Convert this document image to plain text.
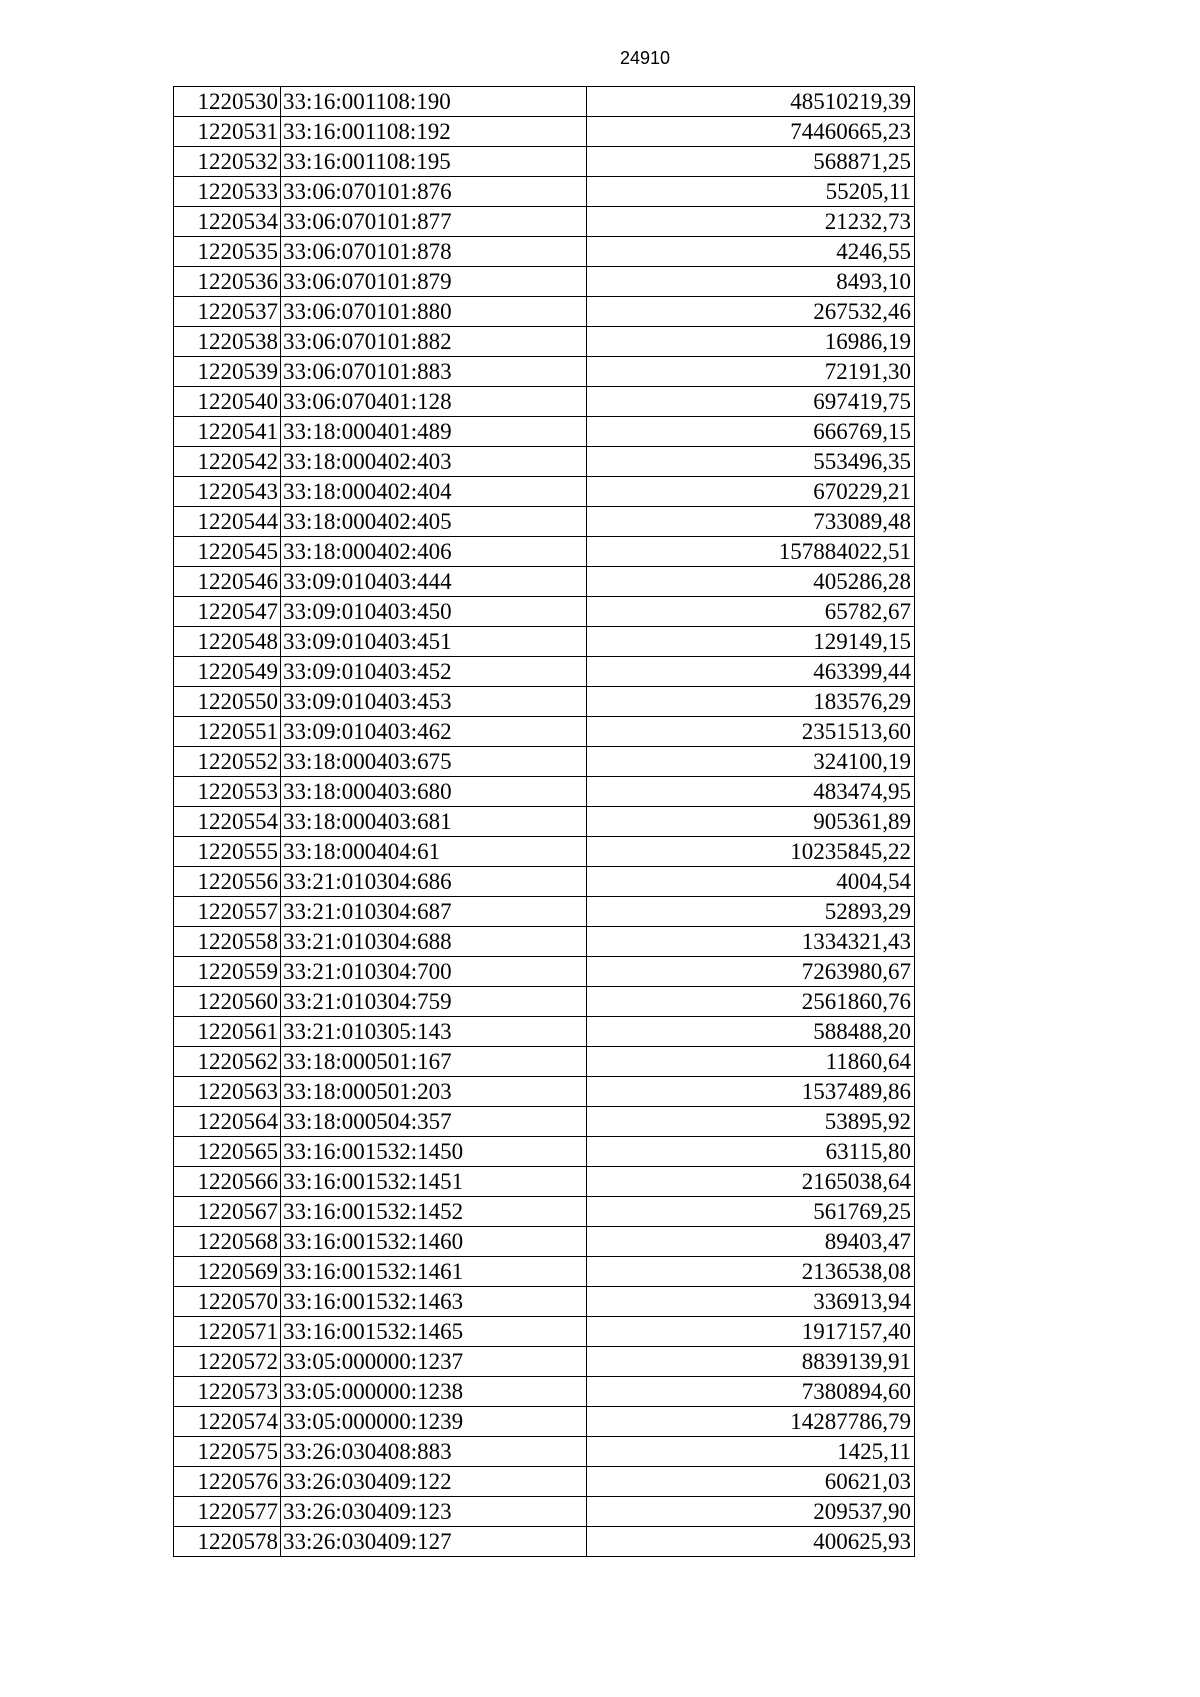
24910
1220530	33:16:001108:190	48510219,39
1220531	33:16:001108:192	74460665,23
1220532	33:16:001108:195	568871,25
1220533	33:06:070101:876	55205,11
1220534	33:06:070101:877	21232,73
1220535	33:06:070101:878	4246,55
1220536	33:06:070101:879	8493,10
1220537	33:06:070101:880	267532,46
1220538	33:06:070101:882	16986,19
1220539	33:06:070101:883	72191,30
1220540	33:06:070401:128	697419,75
1220541	33:18:000401:489	666769,15
1220542	33:18:000402:403	553496,35
1220543	33:18:000402:404	670229,21
1220544	33:18:000402:405	733089,48
1220545	33:18:000402:406	157884022,51
1220546	33:09:010403:444	405286,28
1220547	33:09:010403:450	65782,67
1220548	33:09:010403:451	129149,15
1220549	33:09:010403:452	463399,44
1220550	33:09:010403:453	183576,29
1220551	33:09:010403:462	2351513,60
1220552	33:18:000403:675	324100,19
1220553	33:18:000403:680	483474,95
1220554	33:18:000403:681	905361,89
1220555	33:18:000404:61	10235845,22
1220556	33:21:010304:686	4004,54
1220557	33:21:010304:687	52893,29
1220558	33:21:010304:688	1334321,43
1220559	33:21:010304:700	7263980,67
1220560	33:21:010304:759	2561860,76
1220561	33:21:010305:143	588488,20
1220562	33:18:000501:167	11860,64
1220563	33:18:000501:203	1537489,86
1220564	33:18:000504:357	53895,92
1220565	33:16:001532:1450	63115,80
1220566	33:16:001532:1451	2165038,64
1220567	33:16:001532:1452	561769,25
1220568	33:16:001532:1460	89403,47
1220569	33:16:001532:1461	2136538,08
1220570	33:16:001532:1463	336913,94
1220571	33:16:001532:1465	1917157,40
1220572	33:05:000000:1237	8839139,91
1220573	33:05:000000:1238	7380894,60
1220574	33:05:000000:1239	14287786,79
1220575	33:26:030408:883	1425,11
1220576	33:26:030409:122	60621,03
1220577	33:26:030409:123	209537,90
1220578	33:26:030409:127	400625,93
